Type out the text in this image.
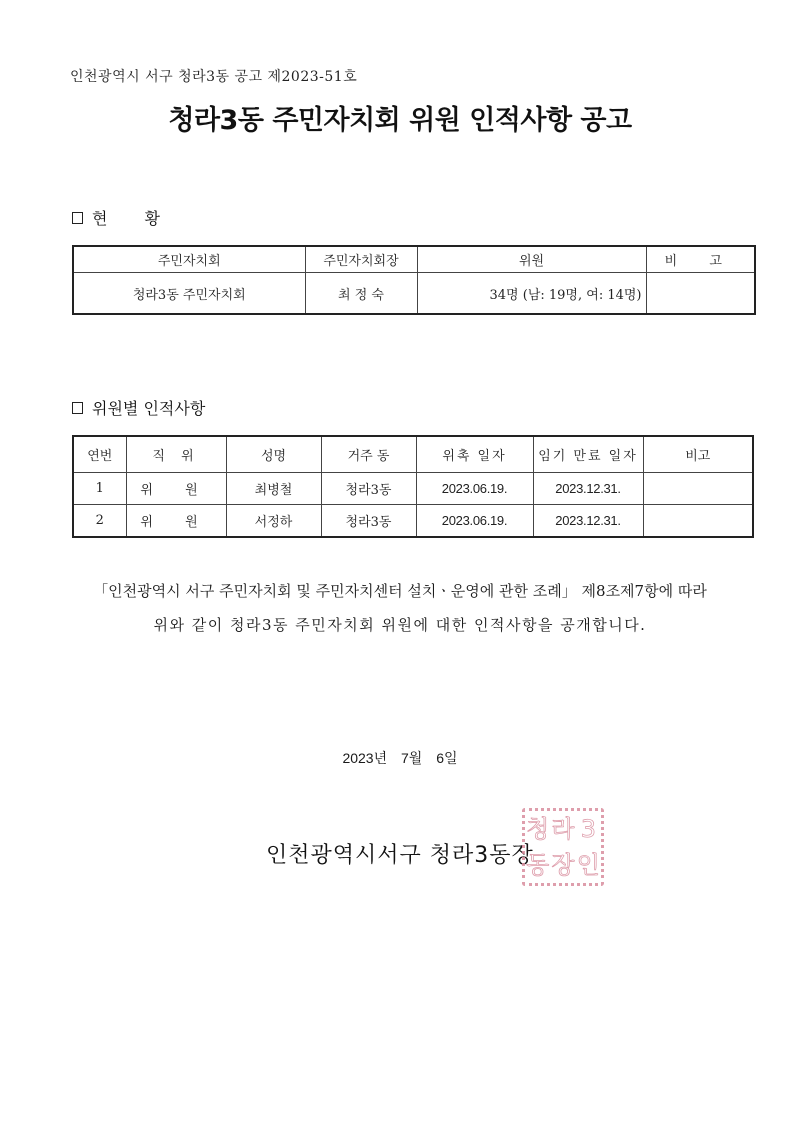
인천광역시 서구 청라3동 공고 제2023-51호
청라3동 주민자치회 위원 인적사항 공고
현 황
주민자치회	주민자치회장	위원	비 고
청라3동 주민자치회	최 정 숙	34명 (남: 19명, 여: 14명)	
위원별 인적사항
연번	직 위	성명	거주 동	위촉 일자	임기 만료 일자	비고
1	위 원	최병철	청라3동	2023.06.19.	2023.12.31.	
2	위 원	서정하	청라3동	2023.06.19.	2023.12.31.	
「인천광역시 서구 주민자치회 및 주민자치센터 설치ㆍ운영에 관한 조례」 제8조제7항에 따라
위와 같이 청라3동 주민자치회 위원에 대한 인적사항을 공개합니다.
2023년 7월 6일
인천광역시서구 청라3동장
청 라 3
동 장 인
